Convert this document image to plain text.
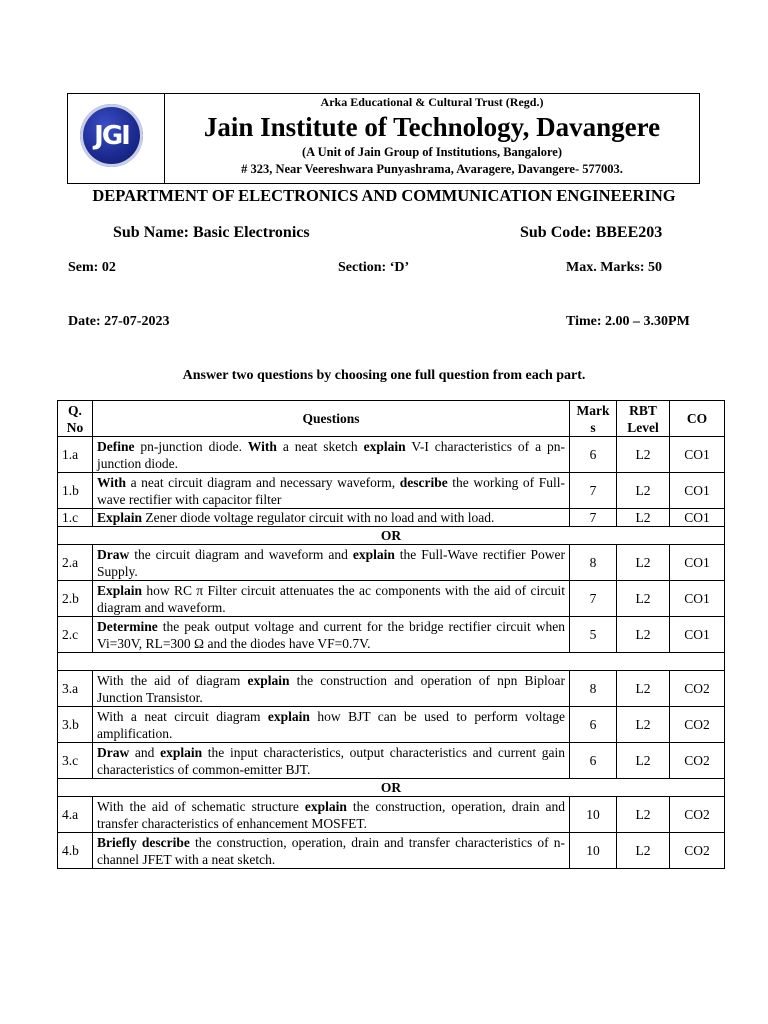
JGI
Arka Educational & Cultural Trust (Regd.)
Jain Institute of Technology, Davangere
(A Unit of Jain Group of Institutions, Bangalore)
# 323, Near Veereshwara Punyashrama, Avaragere, Davangere- 577003.
DEPARTMENT OF ELECTRONICS AND COMMUNICATION ENGINEERING
Sub Name: Basic Electronics	Sub Code: BBEE203
Sem: 02	Section: ‘D’	Max. Marks: 50
Date: 27-07-2023	Time: 2.00 – 3.30PM
Answer two questions by choosing one full question from each part.
Q. No	Questions	Mark s	RBT Level	CO
1.a	Define pn-junction diode. With a neat sketch explain V-I characteristics of a pn-junction diode.	6	L2	CO1
1.b	With a neat circuit diagram and necessary waveform, describe the working of Full-wave rectifier with capacitor filter	7	L2	CO1
1.c	Explain Zener diode voltage regulator circuit with no load and with load.	7	L2	CO1
OR				
2.a	Draw the circuit diagram and waveform and explain the Full-Wave rectifier Power Supply.	8	L2	CO1
2.b	Explain how RC π Filter circuit attenuates the ac components with the aid of circuit diagram and waveform.	7	L2	CO1
2.c	Determine the peak output voltage and current for the bridge rectifier circuit when Vi=30V, RL=300 Ω and the diodes have VF=0.7V.	5	L2	CO1

3.a	With the aid of diagram explain the construction and operation of npn Biploar Junction Transistor.	8	L2	CO2
3.b	With a neat circuit diagram explain how BJT can be used to perform voltage amplification.	6	L2	CO2
3.c	Draw and explain the input characteristics, output characteristics and current gain characteristics of common-emitter BJT.	6	L2	CO2
OR				
4.a	With the aid of schematic structure explain the construction, operation, drain and transfer characteristics of enhancement MOSFET.	10	L2	CO2
4.b	Briefly describe the construction, operation, drain and transfer characteristics of n-channel JFET with a neat sketch.	10	L2	CO2
